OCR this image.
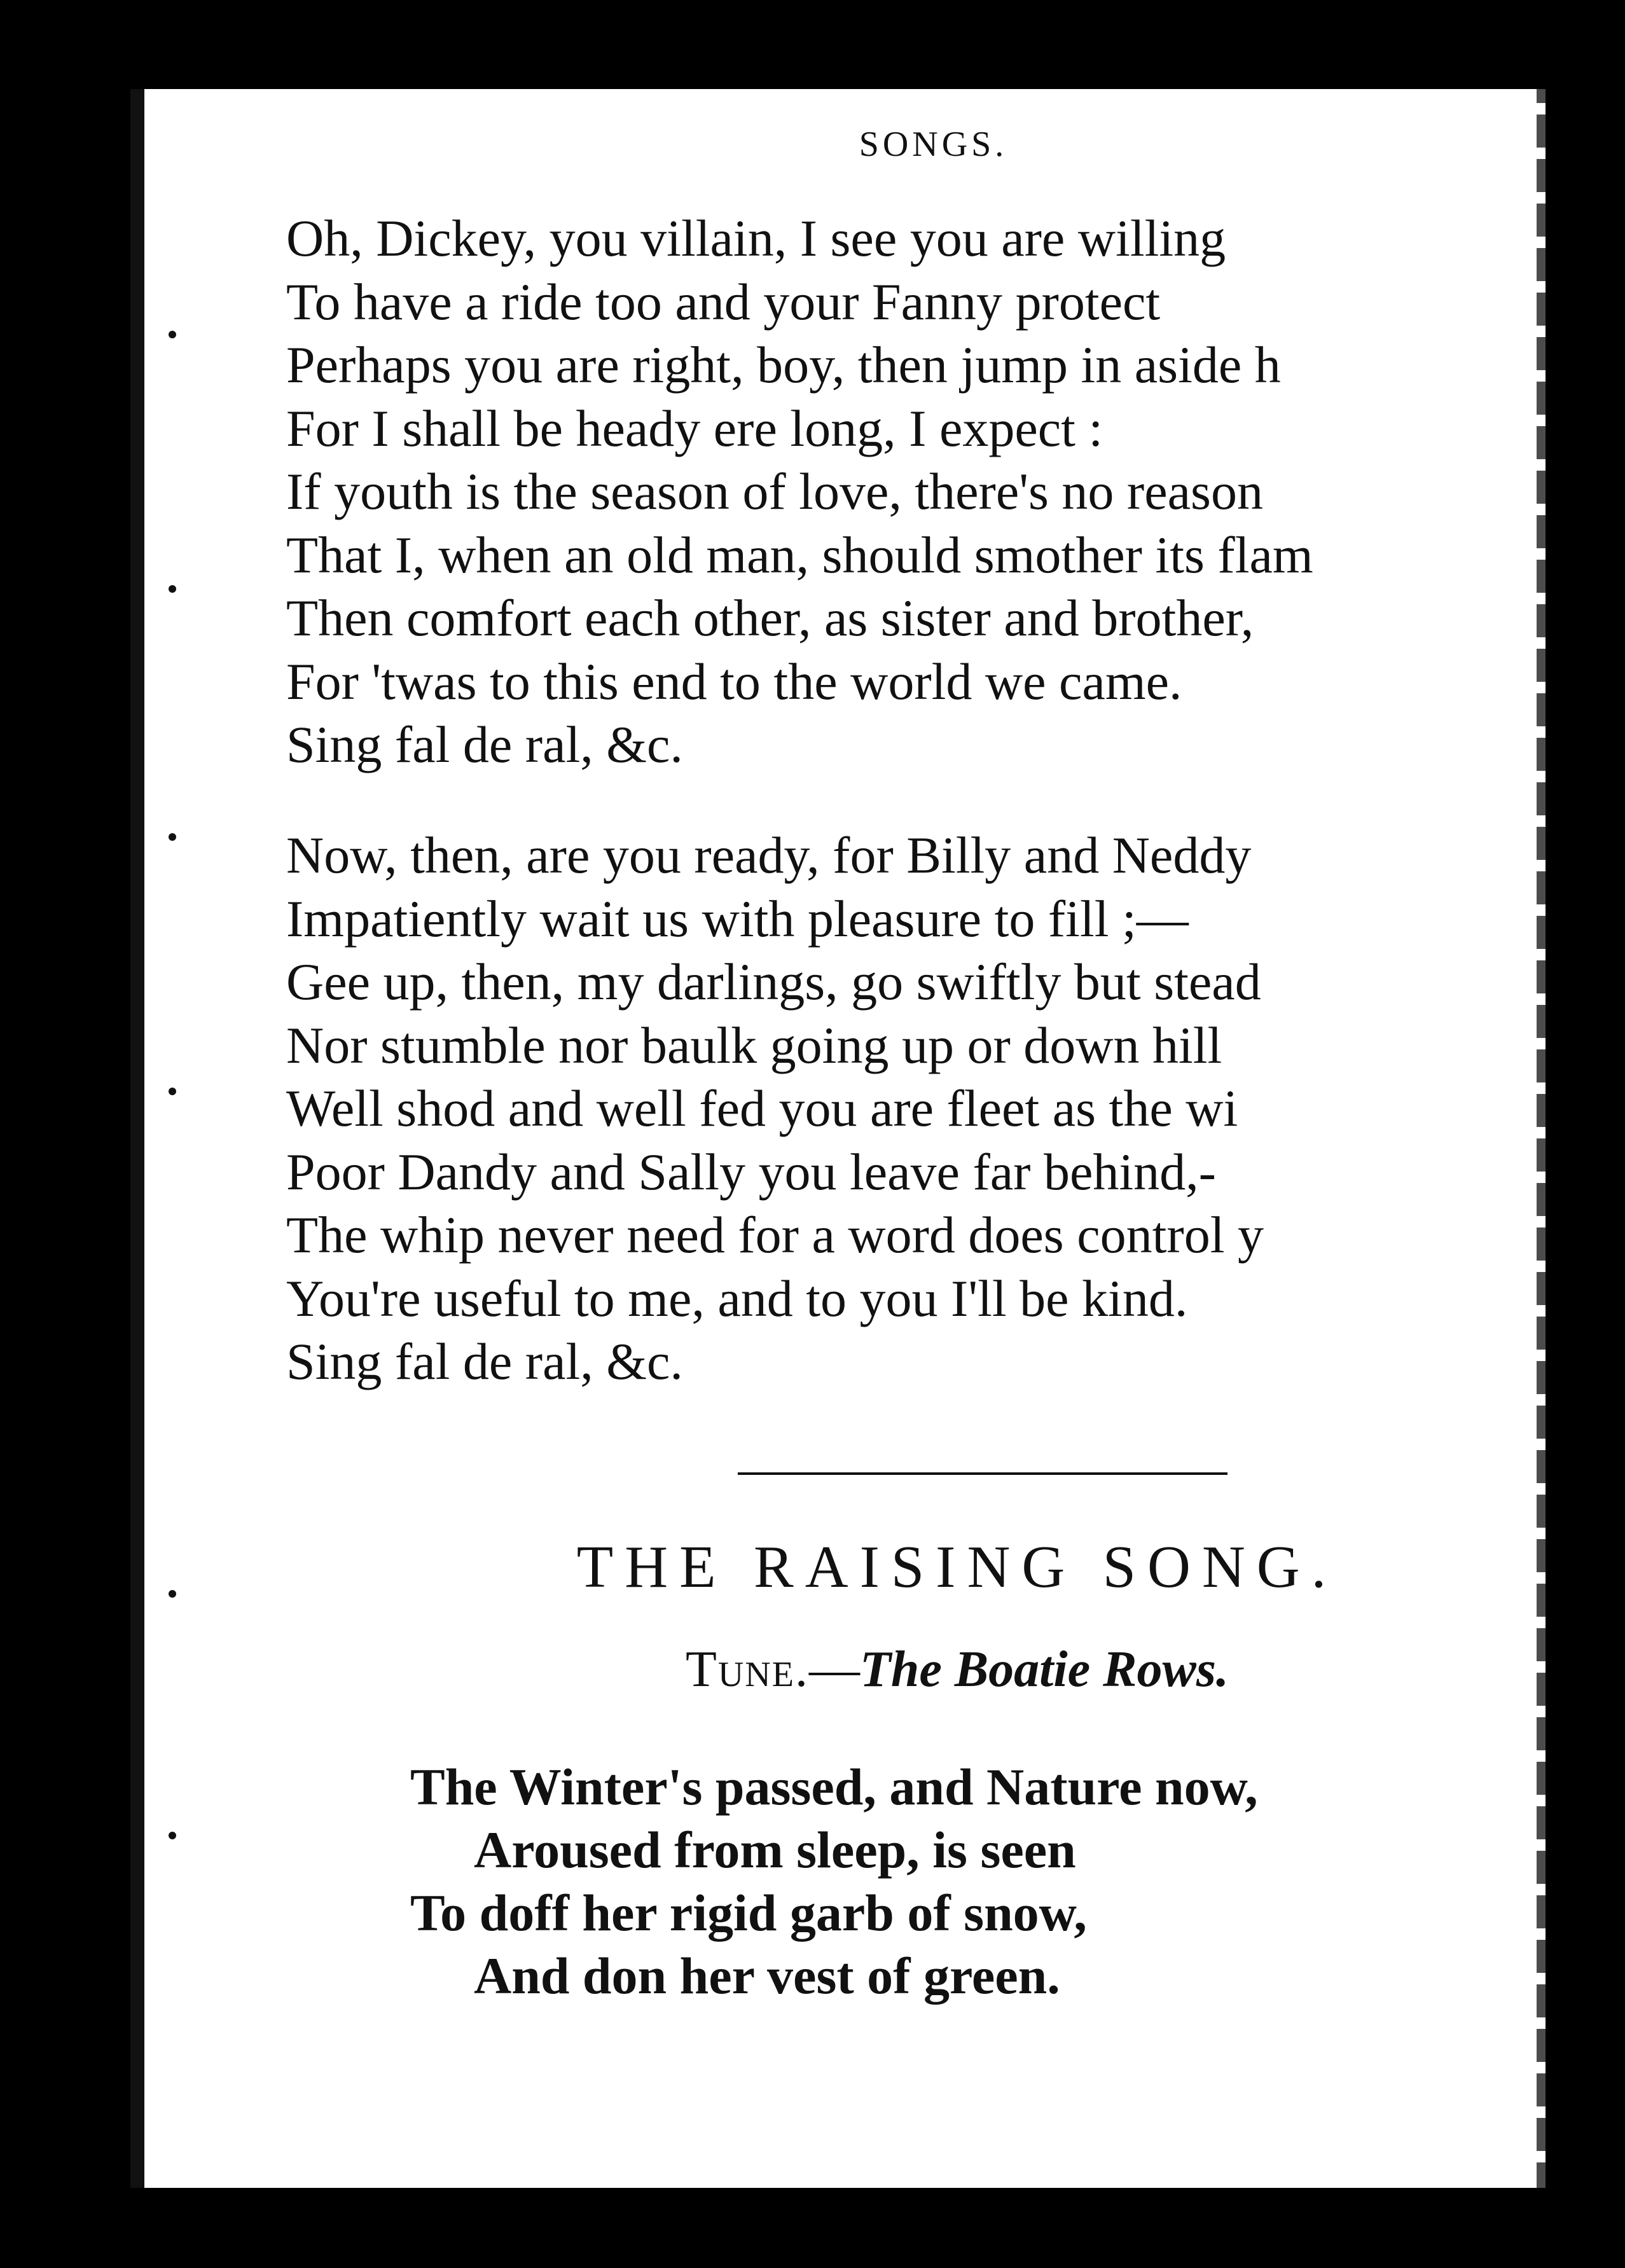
SONGS.
Oh, Dickey, you villain, I see you are willing
To have a ride too and your Fanny protect
Perhaps you are right, boy, then jump in aside h
For I shall be heady ere long, I expect :
If youth is the season of love, there's no reason
That I, when an old man, should smother its flam
Then comfort each other, as sister and brother,
For 'twas to this end to the world we came.
Sing fal de ral, &c.
Now, then, are you ready, for Billy and Neddy
Impatiently wait us with pleasure to fill ;—
Gee up, then, my darlings, go swiftly but stead
Nor stumble nor baulk going up or down hill
Well shod and well fed you are fleet as the wi
Poor Dandy and Sally you leave far behind,-
The whip never need for a word does control y
You're useful to me, and to you I'll be kind.
Sing fal de ral, &c.
THE RAISING SONG.
Tune.—The Boatie Rows.
The Winter's passed, and Nature now,
Aroused from sleep, is seen
To doff her rigid garb of snow,
And don her vest of green.
